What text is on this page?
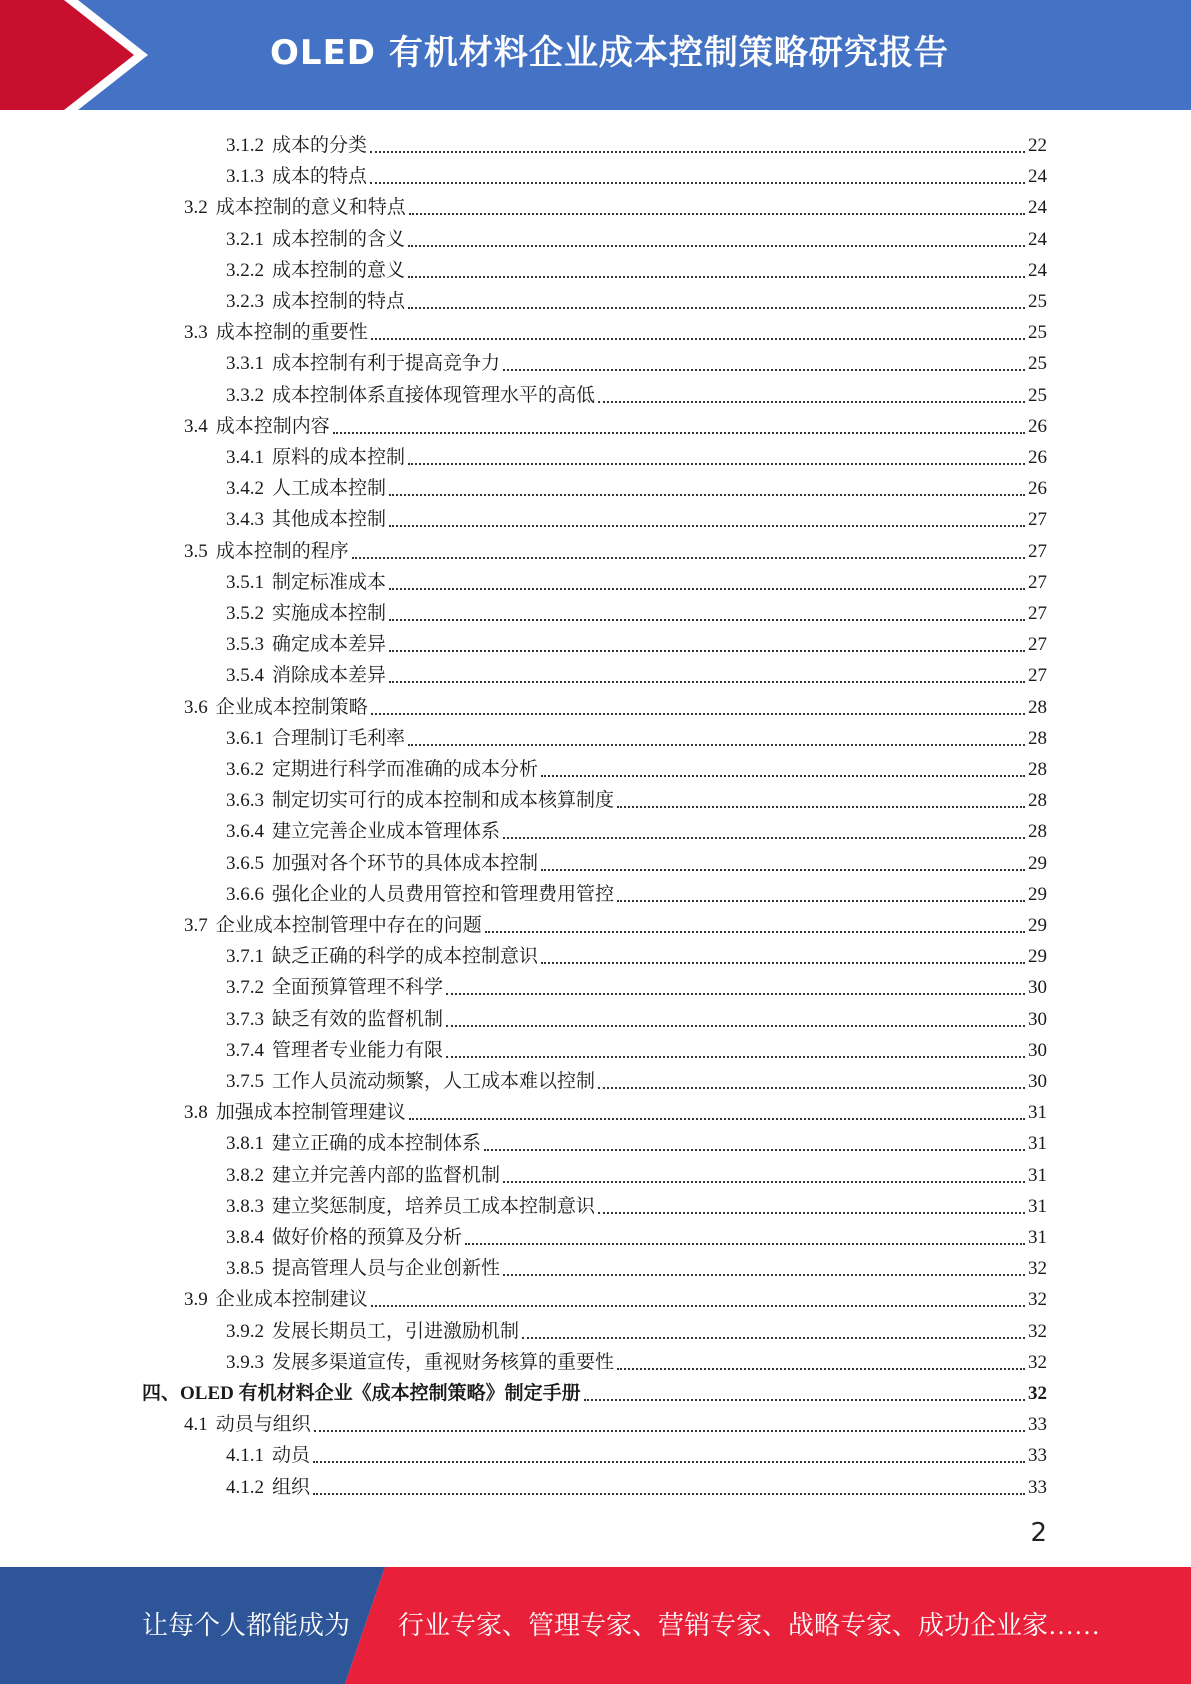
OLED 有机材料企业成本控制策略研究报告
3.1.2 成本的分类	22
3.1.3 成本的特点	24
3.2 成本控制的意义和特点	24
3.2.1 成本控制的含义	24
3.2.2 成本控制的意义	24
3.2.3 成本控制的特点	25
3.3 成本控制的重要性	25
3.3.1 成本控制有利于提高竞争力	25
3.3.2 成本控制体系直接体现管理水平的高低	25
3.4 成本控制内容	26
3.4.1 原料的成本控制	26
3.4.2 人工成本控制	26
3.4.3 其他成本控制	27
3.5 成本控制的程序	27
3.5.1 制定标准成本	27
3.5.2 实施成本控制	27
3.5.3 确定成本差异	27
3.5.4 消除成本差异	27
3.6 企业成本控制策略	28
3.6.1 合理制订毛利率	28
3.6.2 定期进行科学而准确的成本分析	28
3.6.3 制定切实可行的成本控制和成本核算制度	28
3.6.4 建立完善企业成本管理体系	28
3.6.5 加强对各个环节的具体成本控制	29
3.6.6 强化企业的人员费用管控和管理费用管控	29
3.7 企业成本控制管理中存在的问题	29
3.7.1 缺乏正确的科学的成本控制意识	29
3.7.2 全面预算管理不科学	30
3.7.3 缺乏有效的监督机制	30
3.7.4 管理者专业能力有限	30
3.7.5 工作人员流动频繁，人工成本难以控制	30
3.8 加强成本控制管理建议	31
3.8.1 建立正确的成本控制体系	31
3.8.2 建立并完善内部的监督机制	31
3.8.3 建立奖惩制度，培养员工成本控制意识	31
3.8.4 做好价格的预算及分析	31
3.8.5 提高管理人员与企业创新性	32
3.9 企业成本控制建议	32
3.9.2 发展长期员工，引进激励机制	32
3.9.3 发展多渠道宣传，重视财务核算的重要性	32
四、 OLED 有机材料企业《成本控制策略》制定手册	32
4.1 动员与组织	33
4.1.1 动员	33
4.1.2 组织	33
2
让每个人都能成为 行业专家、管理专家、营销专家、战略专家、成功企业家……
